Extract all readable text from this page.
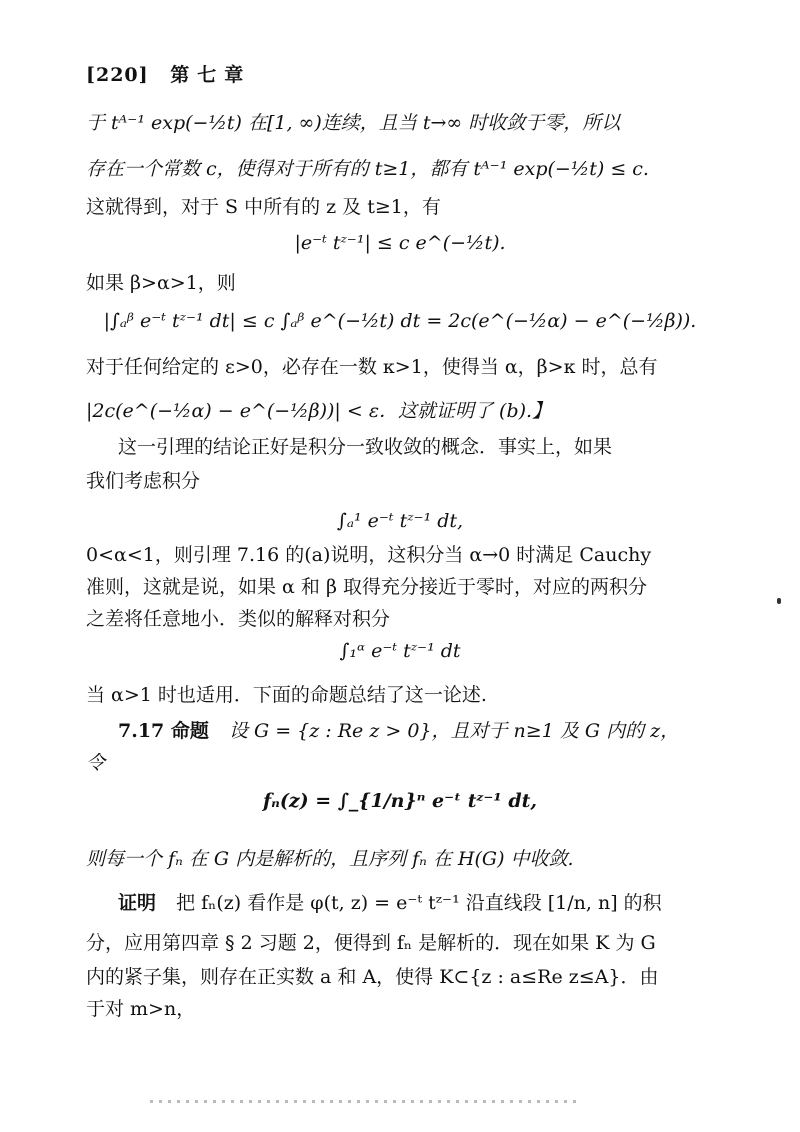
[220] 第七章
于 tᴬ⁻¹ exp(−½t) 在[1, ∞)连续，且当 t→∞ 时收敛于零，所以
存在一个常数 c，使得对于所有的 t≥1，都有 tᴬ⁻¹ exp(−½t) ≤ c.
这就得到，对于 S 中所有的 z 及 t≥1，有
|e⁻ᵗ tᶻ⁻¹| ≤ c e^(−½t).
如果 β>α>1，则
|∫ₐᵝ e⁻ᵗ tᶻ⁻¹ dt| ≤ c ∫ₐᵝ e^(−½t) dt = 2c(e^(−½α) − e^(−½β)).
对于任何给定的 ε>0，必存在一数 κ>1，使得当 α，β>κ 时，总有
|2c(e^(−½α) − e^(−½β))| < ε．这就证明了 (b).】
这一引理的结论正好是积分一致收敛的概念．事实上，如果
我们考虑积分
∫ₐ¹ e⁻ᵗ tᶻ⁻¹ dt,
0<α<1，则引理 7.16 的(a)说明，这积分当 α→0 时满足 Cauchy
准则，这就是说，如果 α 和 β 取得充分接近于零时，对应的两积分
之差将任意地小．类似的解释对积分
∫₁ᵅ e⁻ᵗ tᶻ⁻¹ dt
当 α>1 时也适用．下面的命题总结了这一论述.
7.17 命题 设 G = {z : Re z > 0}，且对于 n≥1 及 G 内的 z，
令
fₙ(z) = ∫_{1/n}ⁿ e⁻ᵗ tᶻ⁻¹ dt,
则每一个 fₙ 在 G 内是解析的，且序列 fₙ 在 H(G) 中收敛.
证明 把 fₙ(z) 看作是 φ(t, z) = e⁻ᵗ tᶻ⁻¹ 沿直线段 [1/n, n] 的积
分，应用第四章 § 2 习题 2，便得到 fₙ 是解析的．现在如果 K 为 G
内的紧子集，则存在正实数 a 和 A，使得 K⊂{z : a≤Re z≤A}．由
于对 m>n，
